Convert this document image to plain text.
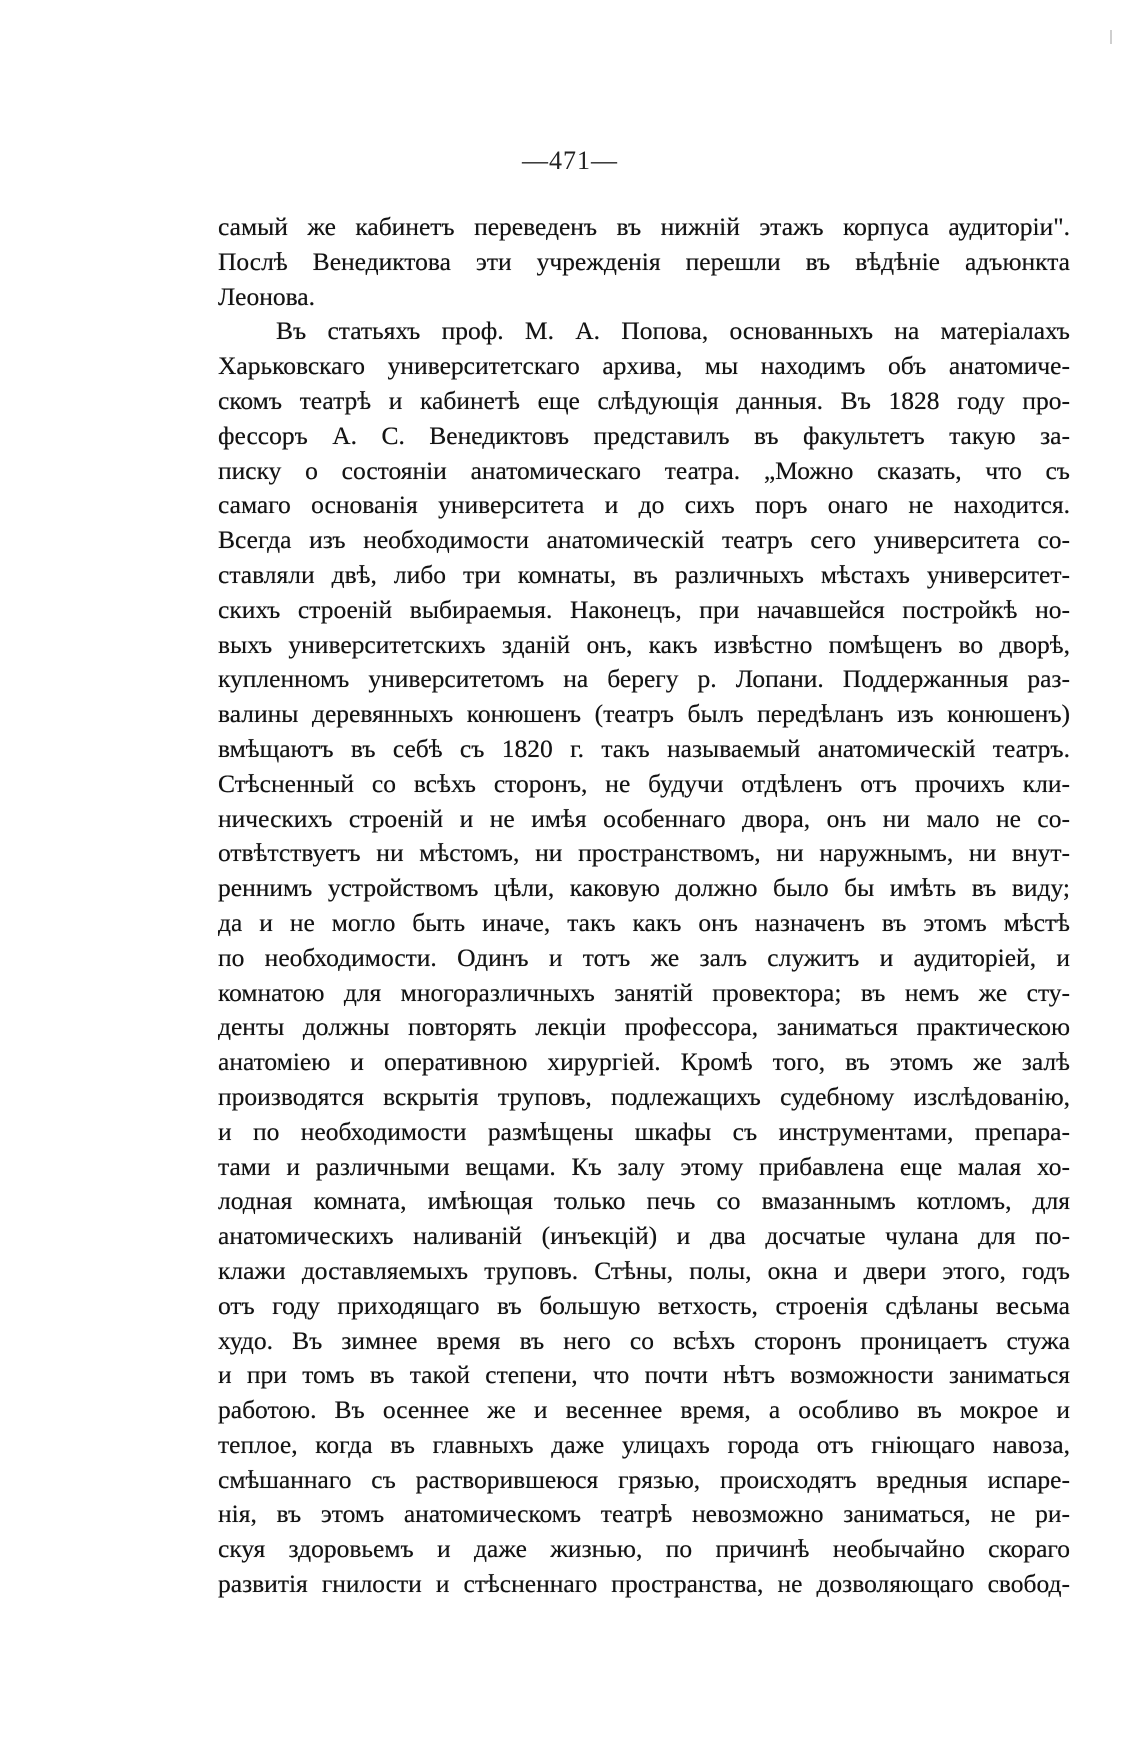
—471—
самый же кабинетъ переведенъ въ нижній этажъ корпуса аудиторіи".
Послѣ Венедиктова эти учрежденія перешли въ вѣдѣніе адъюнкта
Леонова.
Въ статьяхъ проф. М. А. Попова, основанныхъ на матеріалахъ
Харьковскаго университетскаго архива, мы находимъ объ анатомиче-
скомъ театрѣ и кабинетѣ еще слѣдующія данныя. Въ 1828 году про-
фессоръ А. С. Венедиктовъ представилъ въ факультетъ такую за-
писку о состояніи анатомическаго театра. „Можно сказать, что съ
самаго основанія университета и до сихъ поръ онаго не находится.
Всегда изъ необходимости анатомическій театръ сего университета со-
ставляли двѣ, либо три комнаты, въ различныхъ мѣстахъ университет-
скихъ строеній выбираемыя. Наконецъ, при начавшейся постройкѣ но-
выхъ университетскихъ зданій онъ, какъ извѣстно помѣщенъ во дворѣ,
купленномъ университетомъ на берегу р. Лопани. Поддержанныя раз-
валины деревянныхъ конюшенъ (театръ былъ передѣланъ изъ конюшенъ)
вмѣщаютъ въ себѣ съ 1820 г. такъ называемый анатомическій театръ.
Стѣсненный со всѣхъ сторонъ, не будучи отдѣленъ отъ прочихъ кли-
ническихъ строеній и не имѣя особеннаго двора, онъ ни мало не со-
отвѣтствуетъ ни мѣстомъ, ни пространствомъ, ни наружнымъ, ни внут-
реннимъ устройствомъ цѣли, каковую должно было бы имѣть въ виду;
да и не могло быть иначе, такъ какъ онъ назначенъ въ этомъ мѣстѣ
по необходимости. Одинъ и тотъ же залъ служитъ и аудиторіей, и
комнатою для многоразличныхъ занятій провектора; въ немъ же сту-
денты должны повторять лекціи профессора, заниматься практическою
анатоміею и оперативною хирургіей. Кромѣ того, въ этомъ же залѣ
производятся вскрытія труповъ, подлежащихъ судебному изслѣдованію,
и по необходимости размѣщены шкафы съ инструментами, препара-
тами и различными вещами. Къ залу этому прибавлена еще малая хо-
лодная комната, имѣющая только печь со вмазаннымъ котломъ, для
анатомическихъ наливаній (инъекцій) и два досчатые чулана для по-
клажи доставляемыхъ труповъ. Стѣны, полы, окна и двери этого, годъ
отъ году приходящаго въ большую ветхость, строенія сдѣланы весьма
худо. Въ зимнее время въ него со всѣхъ сторонъ проницаетъ стужа
и при томъ въ такой степени, что почти нѣтъ возможности заниматься
работою. Въ осеннее же и весеннее время, а особливо въ мокрое и
теплое, когда въ главныхъ даже улицахъ города отъ гніющаго навоза,
смѣшаннаго съ растворившеюся грязью, происходятъ вредныя испаре-
нія, въ этомъ анатомическомъ театрѣ невозможно заниматься, не ри-
скуя здоровьемъ и даже жизнью, по причинѣ необычайно скораго
развитія гнилости и стѣсненнаго пространства, не дозволяющаго свобод-
